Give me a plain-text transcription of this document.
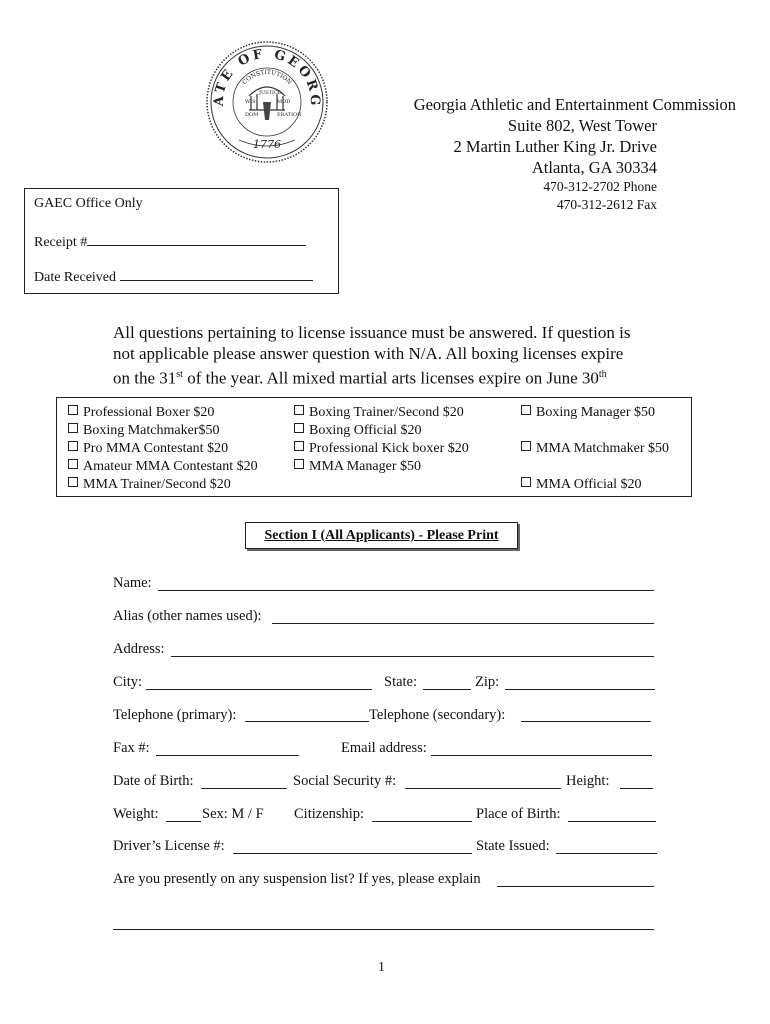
ATE OF GEORG
CONSTITUTION
WIS
JUSTICE
MOD
DOM	ERATION
1776
Georgia Athletic and Entertainment Commission
Suite 802, West Tower
2 Martin Luther King Jr. Drive
Atlanta, GA 30334
470-312-2702 Phone
470-312-2612 Fax
GAEC Office Only
Receipt #
Date Received
All questions pertaining to license issuance must be answered. If question is
not applicable please answer question with N/A. All boxing licenses expire
on the 31st of the year. All mixed martial arts licenses expire on June 30th
Professional Boxer $20
Boxing Matchmaker$50
Pro MMA Contestant $20
Amateur MMA Contestant $20
MMA Trainer/Second $20
Boxing Trainer/Second $20
Boxing Official $20
Professional Kick boxer $20
MMA Manager $50
Boxing Manager $50
MMA Matchmaker $50
MMA Official $20
Section I (All Applicants) - Please Print
Name:
Alias (other names used):
Address:
City:	State:	Zip:
Telephone (primary):	Telephone (secondary):
Fax #:	Email address:
Date of Birth:	Social Security #:	Height:
Weight:	Sex: M / F Citizenship:	Place of Birth:
Driver’s License #:	State Issued:
Are you presently on any suspension list? If yes, please explain
1
